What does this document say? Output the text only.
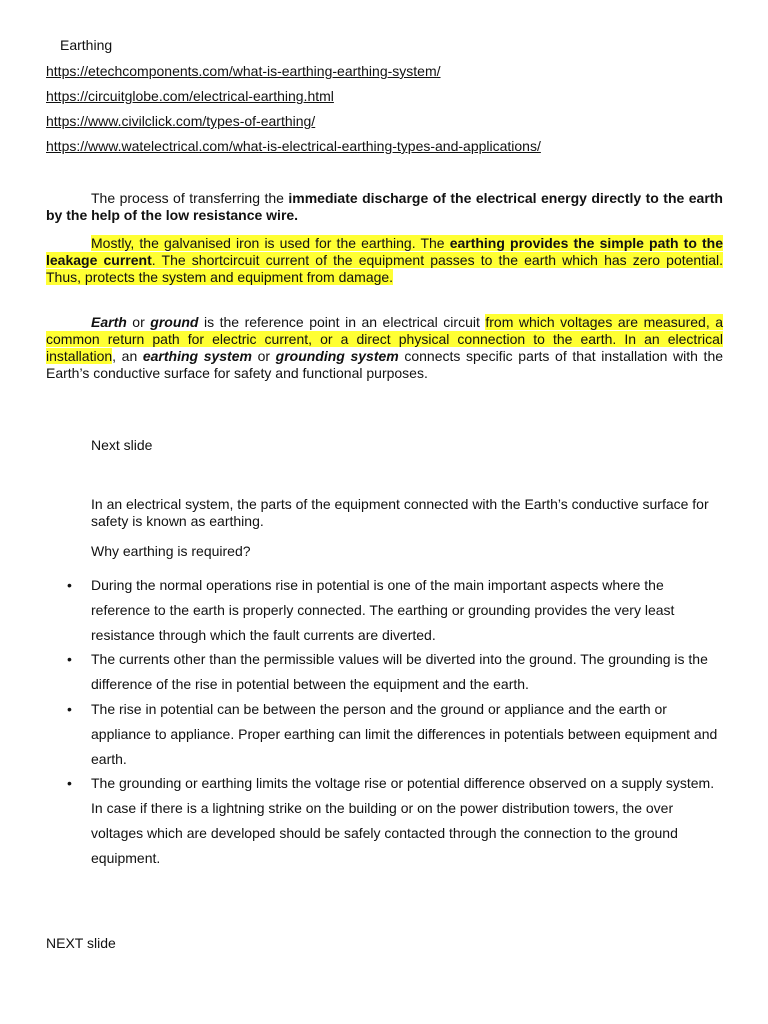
Earthing
https://etechcomponents.com/what-is-earthing-earthing-system/
https://circuitglobe.com/electrical-earthing.html
https://www.civilclick.com/types-of-earthing/
https://www.watelectrical.com/what-is-electrical-earthing-types-and-applications/
The process of transferring the immediate discharge of the electrical energy directly to the earth by the help of the low resistance wire.
Mostly, the galvanised iron is used for the earthing. The earthing provides the simple path to the leakage current. The shortcircuit current of the equipment passes to the earth which has zero potential. Thus, protects the system and equipment from damage.
Earth or ground is the reference point in an electrical circuit from which voltages are measured, a common return path for electric current, or a direct physical connection to the earth. In an electrical installation, an earthing system or grounding system connects specific parts of that installation with the Earth’s conductive surface for safety and functional purposes.
Next slide
In an electrical system, the parts of the equipment connected with the Earth’s conductive surface for safety is known as earthing.
Why earthing is required?
• During the normal operations rise in potential is one of the main important aspects where the reference to the earth is properly connected. The earthing or grounding provides the very least resistance through which the fault currents are diverted.
• The currents other than the permissible values will be diverted into the ground. The grounding is the difference of the rise in potential between the equipment and the earth.
• The rise in potential can be between the person and the ground or appliance and the earth or appliance to appliance. Proper earthing can limit the differences in potentials between equipment and earth.
• The grounding or earthing limits the voltage rise or potential difference observed on a supply system. In case if there is a lightning strike on the building or on the power distribution towers, the over voltages which are developed should be safely contacted through the connection to the ground equipment.
NEXT slide
